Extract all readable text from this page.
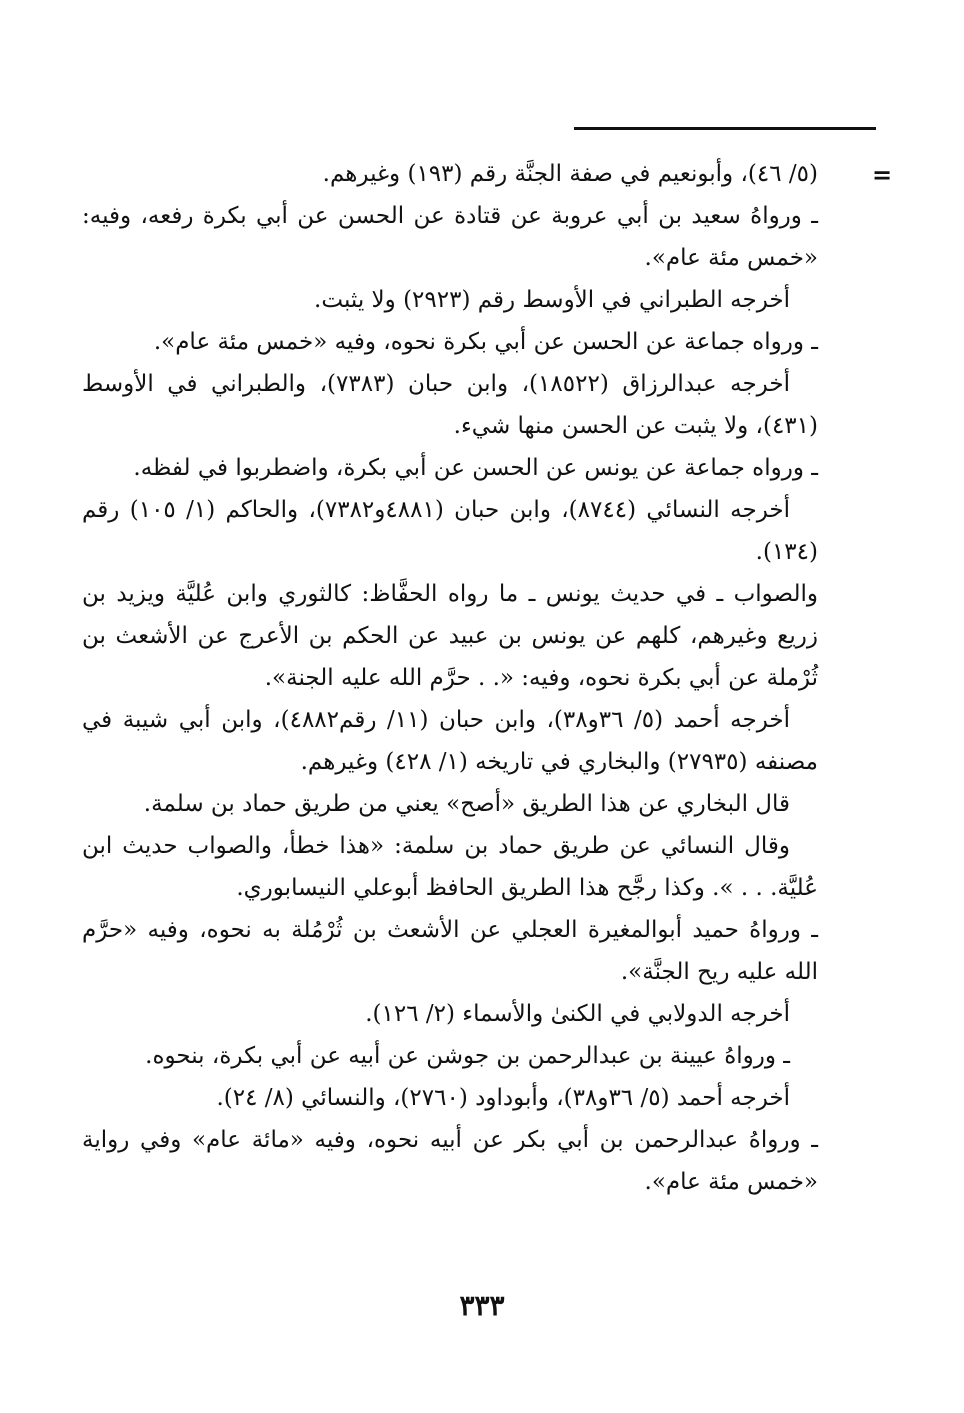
=

(٥/ ٤٦)، وأبونعيم في صفة الجنَّة رقم (١٩٣) وغيرهم.

ـ ورواهُ سعيد بن أبي عروبة عن قتادة عن الحسن عن أبي بكرة رفعه، وفيه: «خمس مئة عام».

أخرجه الطبراني في الأوسط رقم (٢٩٢٣) ولا يثبت.

ـ ورواه جماعة عن الحسن عن أبي بكرة نحوه، وفيه «خمس مئة عام».

أخرجه عبدالرزاق (١٨٥٢٢)، وابن حبان (٧٣٨٣)، والطبراني في الأوسط (٤٣١)، ولا يثبت عن الحسن منها شيء.

ـ ورواه جماعة عن يونس عن الحسن عن أبي بكرة، واضطربوا في لفظه.

أخرجه النسائي (٨٧٤٤)، وابن حبان (٤٨٨١و٧٣٨٢)، والحاكم (١/ ١٠٥) رقم (١٣٤).

والصواب ـ في حديث يونس ـ ما رواه الحفَّاظ: كالثوري وابن عُليَّة ويزيد بن زريع وغيرهم، كلهم عن يونس بن عبيد عن الحكم بن الأعرج عن الأشعث بن ثُرْملة عن أبي بكرة نحوه، وفيه: «. . حرَّم الله عليه الجنة».

أخرجه أحمد (٥/ ٣٦و٣٨)، وابن حبان (١١/ رقم٤٨٨٢)، وابن أبي شيبة في مصنفه (٢٧٩٣٥) والبخاري في تاريخه (١/ ٤٢٨) وغيرهم.

قال البخاري عن هذا الطريق «أصح» يعني من طريق حماد بن سلمة.

وقال النسائي عن طريق حماد بن سلمة: «هذا خطأ، والصواب حديث ابن عُليَّة. . . ». وكذا رجَّح هذا الطريق الحافظ أبوعلي النيسابوري.

ـ ورواهُ حميد أبوالمغيرة العجلي عن الأشعث بن ثُرْمُلة به نحوه، وفيه «حرَّم الله عليه ريح الجنَّة».

أخرجه الدولابي في الكنىٰ والأسماء (٢/ ١٢٦).

ـ ورواهُ عيينة بن عبدالرحمن بن جوشن عن أبيه عن أبي بكرة، بنحوه.

أخرجه أحمد (٥/ ٣٦و٣٨)، وأبوداود (٢٧٦٠)، والنسائي (٨/ ٢٤).

ـ ورواهُ عبدالرحمن بن أبي بكر عن أبيه نحوه، وفيه «مائة عام» وفي رواية «خمس مئة عام».

٣٣٣
